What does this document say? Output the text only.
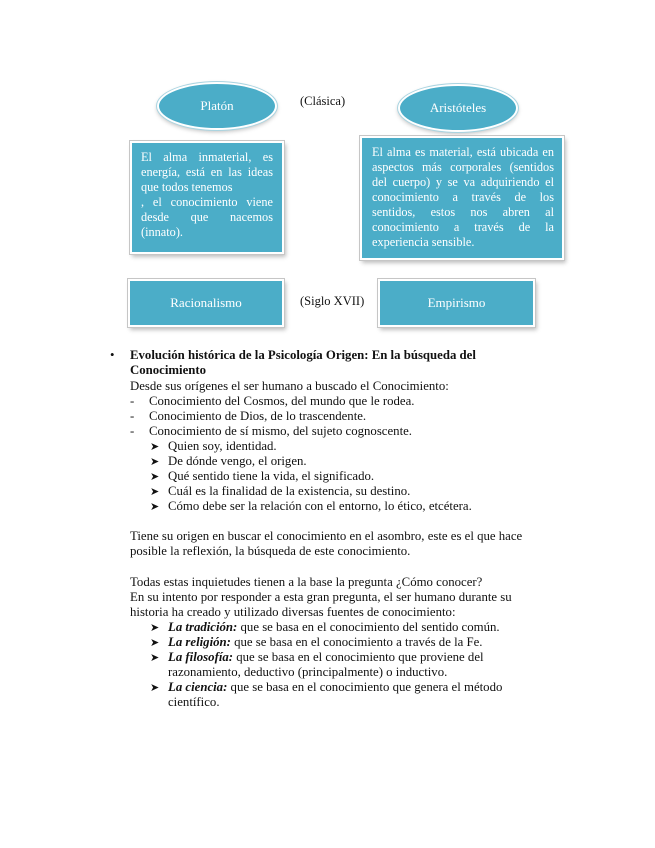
Platón	(Clásica)	Aristóteles

El alma inmaterial, es energía, está en las ideas que todos tenemos

, el conocimiento viene desde que nacemos (innato).

El alma es material, está ubicada en aspectos más corporales (sentidos del cuerpo) y se va adquiriendo el conocimiento a través de los sentidos, estos nos abren al conocimiento a través de la experiencia sensible.

Racionalismo	(Siglo XVII)	Empirismo
• Evolución histórica de la Psicología Origen: En la búsqueda del
Conocimiento
Desde sus orígenes el ser humano a buscado el Conocimiento:
- Conocimiento del Cosmos, del mundo que le rodea.
- Conocimiento de Dios, de lo trascendente.
- Conocimiento de sí mismo, del sujeto cognoscente.
➤ Quien soy, identidad.
➤ De dónde vengo, el origen.
➤ Qué sentido tiene la vida, el significado.
➤ Cuál es la finalidad de la existencia, su destino.
➤ Cómo debe ser la relación con el entorno, lo ético, etcétera.
Tiene su origen en buscar el conocimiento en el asombro, este es el que hace
posible la reflexión, la búsqueda de este conocimiento.
Todas estas inquietudes tienen a la base la pregunta ¿Cómo conocer?
En su intento por responder a esta gran pregunta, el ser humano durante su
historia ha creado y utilizado diversas fuentes de conocimiento:
➤ La tradición: que se basa en el conocimiento del sentido común.
➤ La religión: que se basa en el conocimiento a través de la Fe.
➤ La filosofía: que se basa en el conocimiento que proviene del
razonamiento, deductivo (principalmente) o inductivo.
➤ La ciencia: que se basa en el conocimiento que genera el método
científico.
